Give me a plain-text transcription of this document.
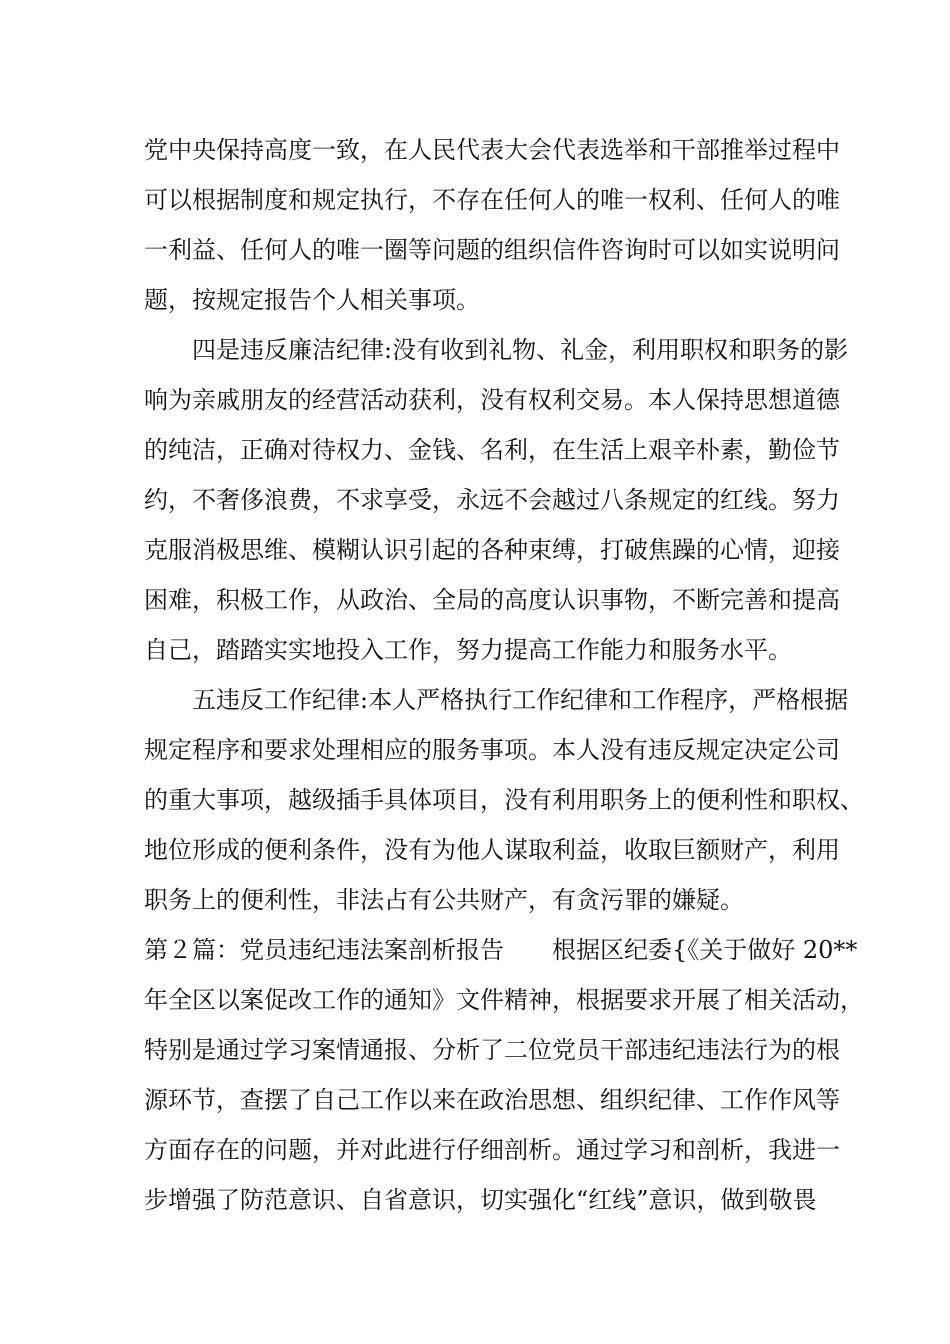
党中央保持高度一致，在人民代表大会代表选举和干部推举过程中
可以根据制度和规定执行，不存在任何人的唯一权利、任何人的唯
一利益、任何人的唯一圈等问题的组织信件咨询时可以如实说明问
题，按规定报告个人相关事项。
四是违反廉洁纪律:没有收到礼物、礼金，利用职权和职务的影
响为亲戚朋友的经营活动获利，没有权利交易。本人保持思想道德
的纯洁，正确对待权力、金钱、名利，在生活上艰辛朴素，勤俭节
约，不奢侈浪费，不求享受，永远不会越过八条规定的红线。努力
克服消极思维、模糊认识引起的各种束缚，打破焦躁的心情，迎接
困难，积极工作，从政治、全局的高度认识事物，不断完善和提高
自己，踏踏实实地投入工作，努力提高工作能力和服务水平。
五违反工作纪律:本人严格执行工作纪律和工作程序，严格根据
规定程序和要求处理相应的服务事项。本人没有违反规定决定公司
的重大事项，越级插手具体项目，没有利用职务上的便利性和职权、
地位形成的便利条件，没有为他人谋取利益，收取巨额财产，利用
职务上的便利性，非法占有公共财产，有贪污罪的嫌疑。
第２篇：党员违纪违法案剖析报告　　根据区纪委{《关于做好 20**
年全区以案促改工作的通知》文件精神，根据要求开展了相关活动，
特别是通过学习案情通报、分析了二位党员干部违纪违法行为的根
源环节，查摆了自己工作以来在政治思想、组织纪律、工作作风等
方面存在的问题，并对此进行仔细剖析。通过学习和剖析，我进一
步增强了防范意识、自省意识，切实强化“红线”意识，做到敬畏
